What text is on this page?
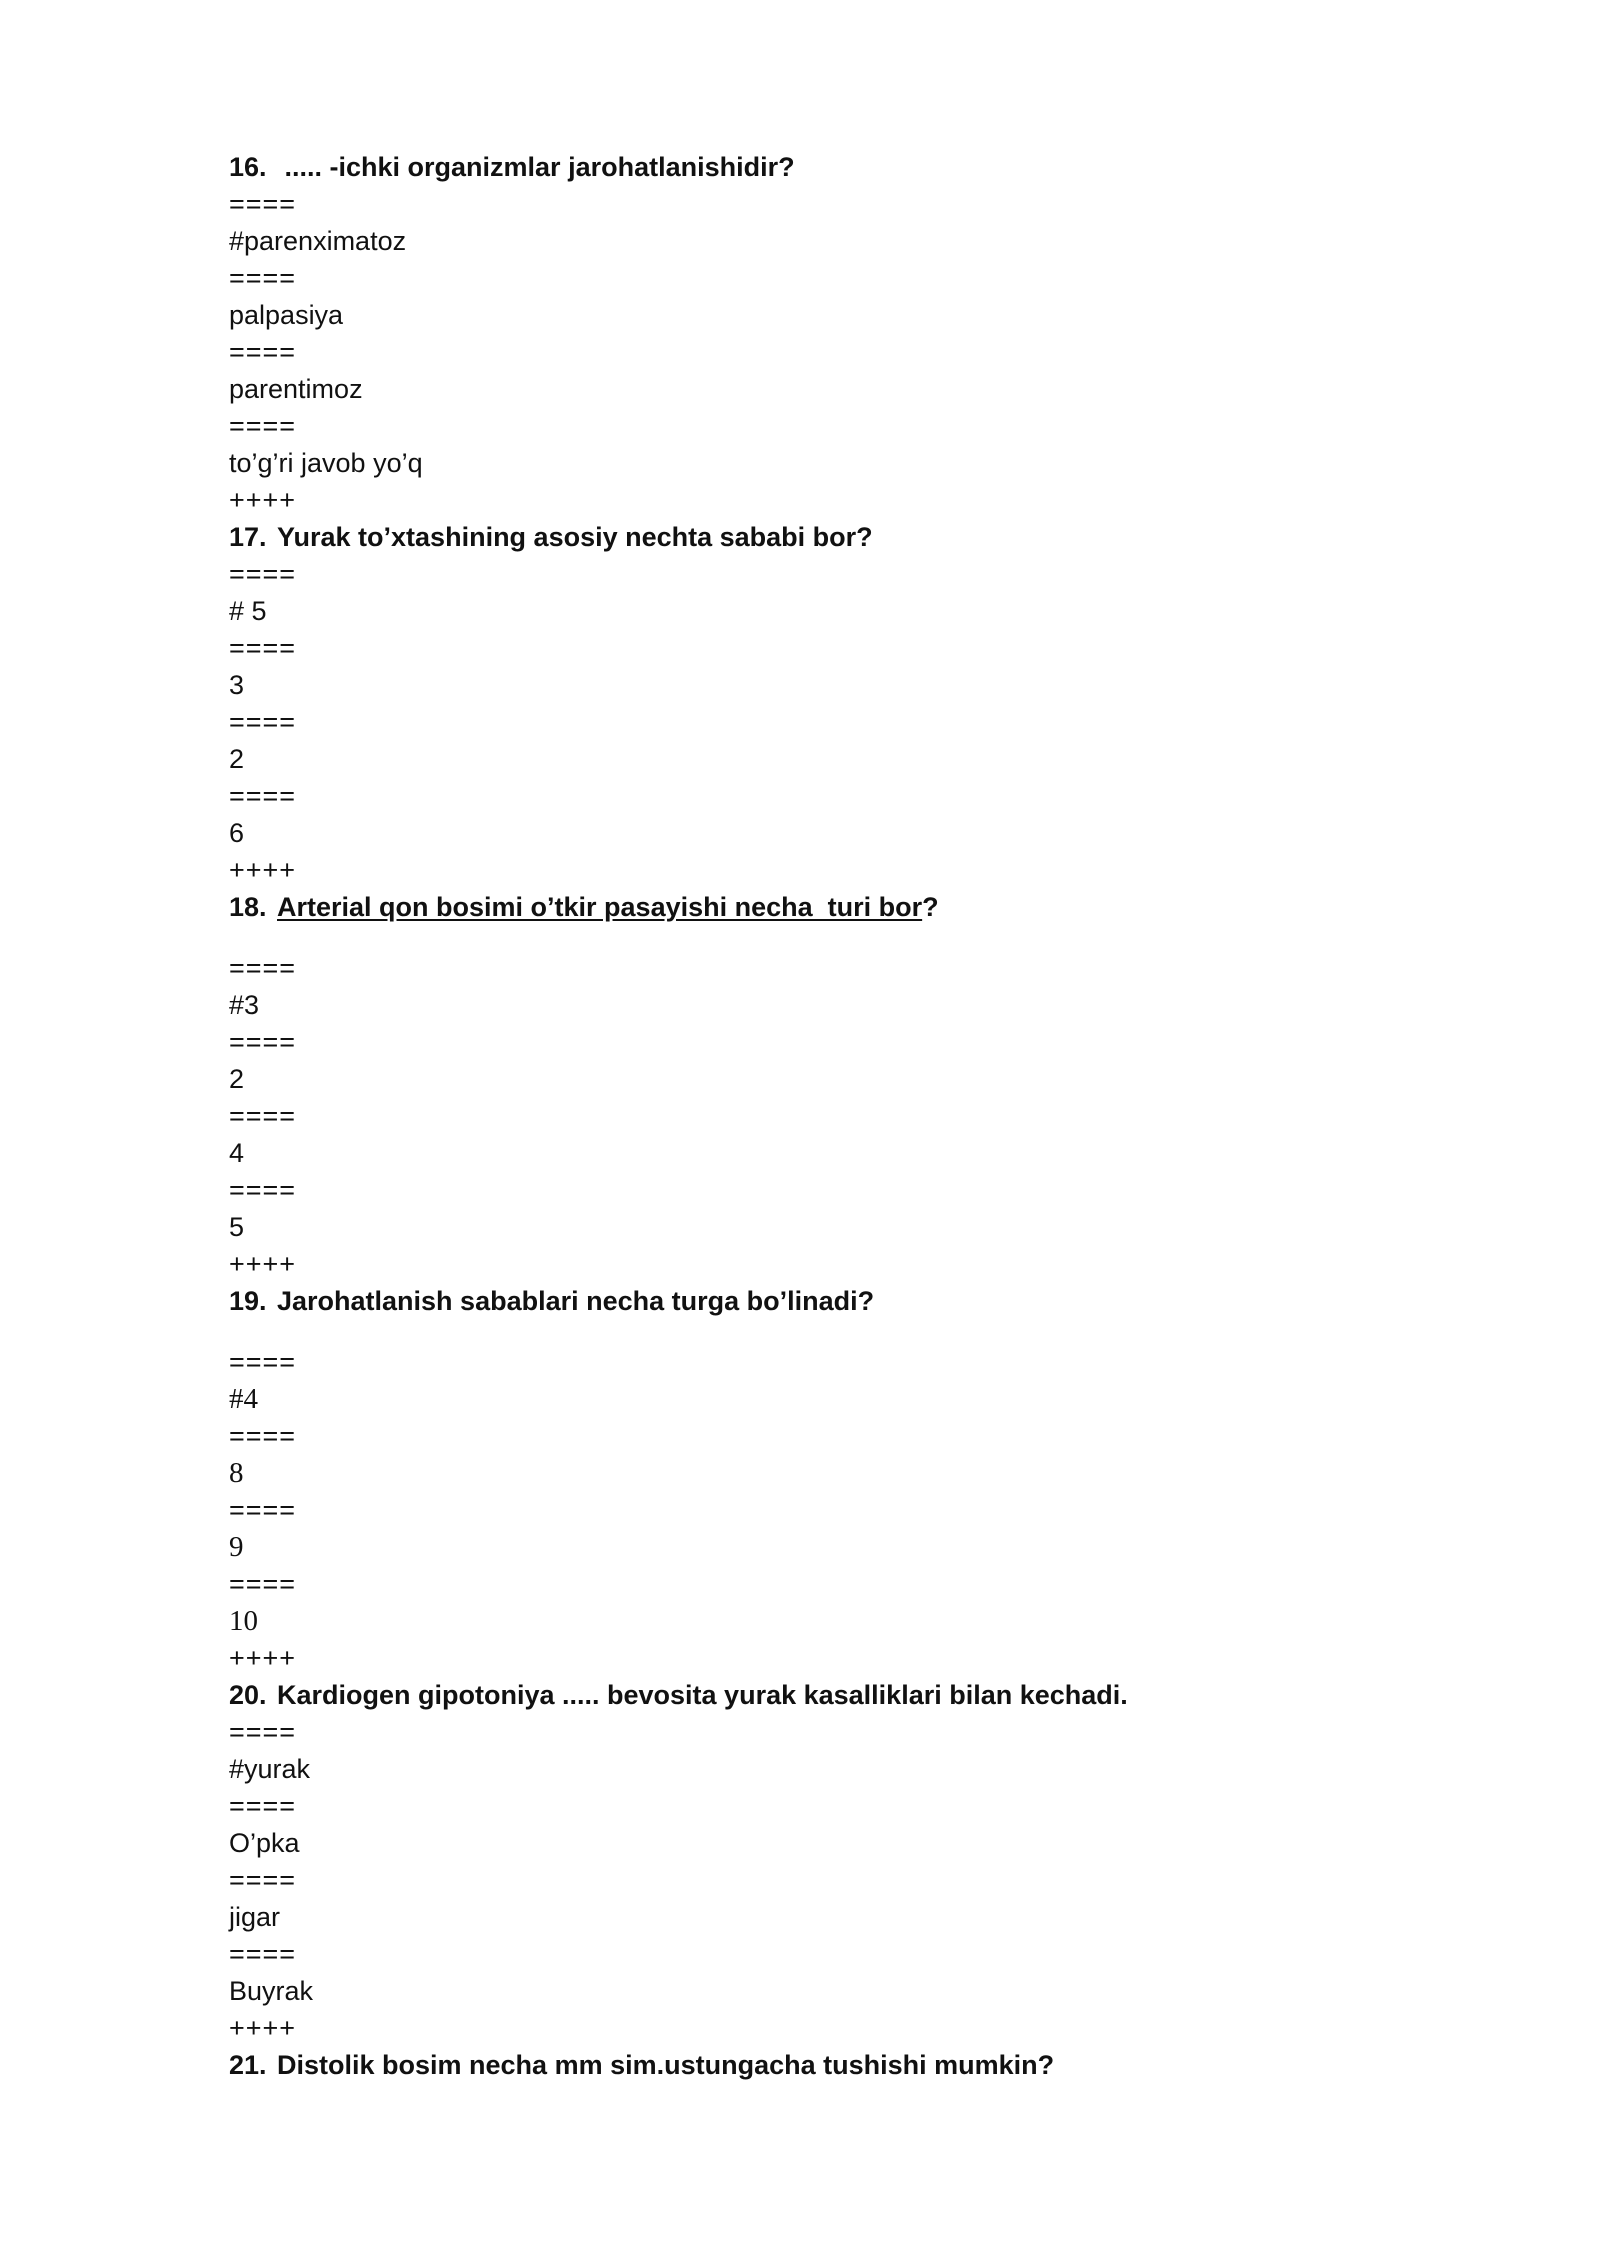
16. ..... -ichki organizmlar jarohatlanishidir?
====
#parenximatoz
====
palpasiya
====
parentimoz
====
to’g’ri javob yo’q
++++
17. Yurak to’xtashining asosiy nechta sababi bor?
====
# 5
====
3
====
2
====
6
++++
18. Arterial qon bosimi o’tkir pasayishi necha  turi bor?
====
#3
====
2
====
4
====
5
++++
19. Jarohatlanish sabablari necha turga bo’linadi?
====
#4
====
8
====
9
====
10
++++
20. Kardiogen gipotoniya ..... bevosita yurak kasalliklari bilan kechadi.
====
#yurak
====
O’pka
====
jigar
====
Buyrak
++++
21. Distolik bosim necha mm sim.ustungacha tushishi mumkin?
